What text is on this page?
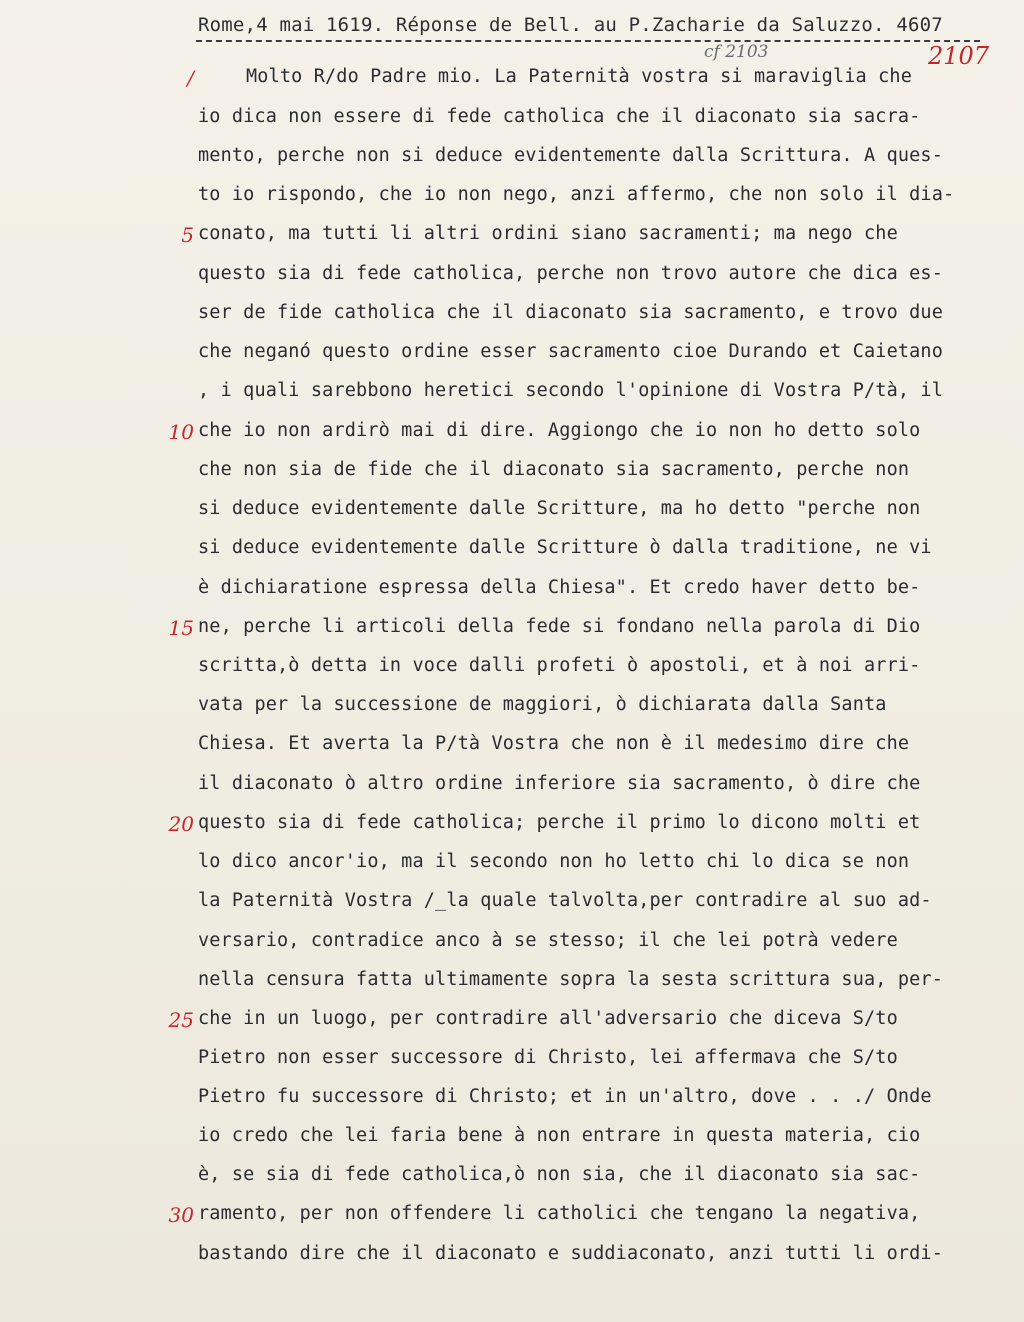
Rome,4 mai 1619. Réponse de Bell. au P.Zacharie da Saluzzo. 4607
cf 2103	2107
/
5
10
15
20
25
30
Molto R/do Padre mio. La Paternità vostra si maraviglia che
io dica non essere di fede catholica che il diaconato sia sacra-
mento, perche non si deduce evidentemente dalla Scrittura. A ques-
to io rispondo, che io non nego, anzi affermo, che non solo il dia-
conato, ma tutti li altri ordini siano sacramenti; ma nego che
questo sia di fede catholica, perche non trovo autore che dica es-
ser de fide catholica che il diaconato sia sacramento, e trovo due
che neganó questo ordine esser sacramento cioe Durando et Caietano
, i quali sarebbono heretici secondo l'opinione di Vostra P/tà, il
che io non ardirò mai di dire. Aggiongo che io non ho detto solo
che non sia de fide che il diaconato sia sacramento, perche non
si deduce evidentemente dalle Scritture, ma ho detto "perche non
si deduce evidentemente dalle Scritture ò dalla traditione, ne vi
è dichiaratione espressa della Chiesa". Et credo haver detto be-
ne, perche li articoli della fede si fondano nella parola di Dio
scritta,ò detta in voce dalli profeti ò apostoli, et à noi arri-
vata per la successione de maggiori, ò dichiarata dalla Santa
Chiesa. Et averta la P/tà Vostra che non è il medesimo dire che
il diaconato ò altro ordine inferiore sia sacramento, ò dire che
questo sia di fede catholica; perche il primo lo dicono molti et
lo dico ancor'io, ma il secondo non ho letto chi lo dica se non
la Paternità Vostra /_la quale talvolta,per contradire al suo ad-
versario, contradice anco à se stesso; il che lei potrà vedere
nella censura fatta ultimamente sopra la sesta scrittura sua, per-
che in un luogo, per contradire all'adversario che diceva S/to
Pietro non esser successore di Christo, lei affermava che S/to
Pietro fu successore di Christo; et in un'altro, dove . . ./ Onde
io credo che lei faria bene à non entrare in questa materia, cio
è, se sia di fede catholica,ò non sia, che il diaconato sia sac-
ramento, per non offendere li catholici che tengano la negativa,
bastando dire che il diaconato e suddiaconato, anzi tutti li ordi-
